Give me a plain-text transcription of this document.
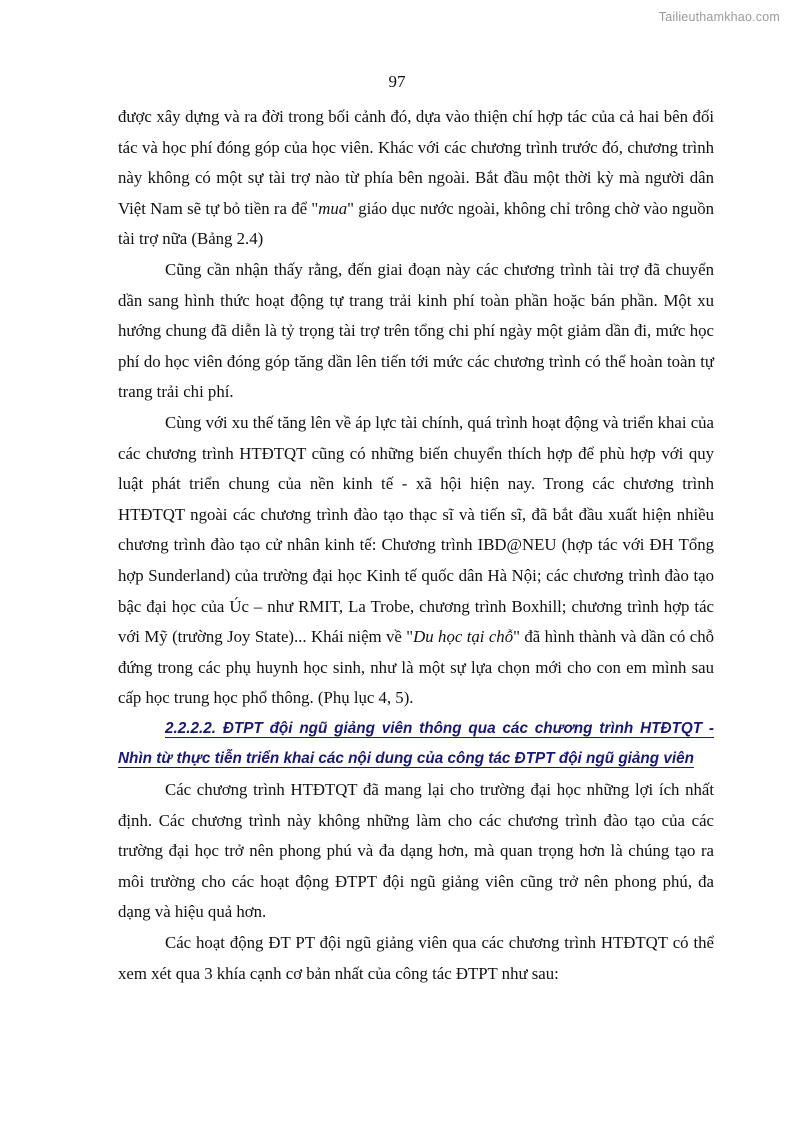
Tailieuthamkhao.com
97

được xây dựng và ra đời trong bối cảnh đó, dựa vào thiện chí hợp tác của cả hai bên đối tác và học phí đóng góp của học viên. Khác với các chương trình trước đó, chương trình này không có một sự tài trợ nào từ phía bên ngoài. Bắt đầu một thời kỳ mà người dân Việt Nam sẽ tự bỏ tiền ra để "mua" giáo dục nước ngoài, không chỉ trông chờ vào nguồn tài trợ nữa (Bảng 2.4)

Cũng cần nhận thấy rằng, đến giai đoạn này các chương trình tài trợ đã chuyển dần sang hình thức hoạt động tự trang trải kinh phí toàn phần hoặc bán phần. Một xu hướng chung đã diễn là tỷ trọng tài trợ trên tổng chi phí ngày một giảm dần đi, mức học phí do học viên đóng góp tăng dần lên tiến tới mức các chương trình có thể hoàn toàn tự trang trải chi phí.

Cùng với xu thế tăng lên về áp lực tài chính, quá trình hoạt động và triển khai của các chương trình HTĐTQT cũng có những biến chuyển thích hợp để phù hợp với quy luật phát triển chung của nền kinh tế - xã hội hiện nay. Trong các chương trình HTĐTQT ngoài các chương trình đào tạo thạc sĩ và tiến sĩ, đã bắt đầu xuất hiện nhiều chương trình đào tạo cử nhân kinh tế: Chương trình IBD@NEU (hợp tác với ĐH Tổng hợp Sunderland) của trường đại học Kinh tế quốc dân Hà Nội; các chương trình đào tạo bậc đại học của Úc – như RMIT, La Trobe, chương trình Boxhill; chương trình hợp tác với Mỹ (trường Joy State)... Khái niệm về "Du học tại chỗ" đã hình thành và dần có chỗ đứng trong các phụ huynh học sinh, như là một sự lựa chọn mới cho con em mình sau cấp học trung học phổ thông. (Phụ lục 4, 5).

2.2.2.2. ĐTPT đội ngũ giảng viên thông qua các chương trình HTĐTQT - Nhìn từ thực tiễn triển khai các nội dung của công tác ĐTPT đội ngũ giảng viên

Các chương trình HTĐTQT đã mang lại cho trường đại học những lợi ích nhất định. Các chương trình này không những làm cho các chương trình đào tạo của các trường đại học trở nên phong phú và đa dạng hơn, mà quan trọng hơn là chúng tạo ra môi trường cho các hoạt động ĐTPT đội ngũ giảng viên cũng trở nên phong phú, đa dạng và hiệu quả hơn.

Các hoạt động ĐT PT đội ngũ giảng viên qua các chương trình HTĐTQT có thể xem xét qua 3 khía cạnh cơ bản nhất của công tác ĐTPT như sau:
